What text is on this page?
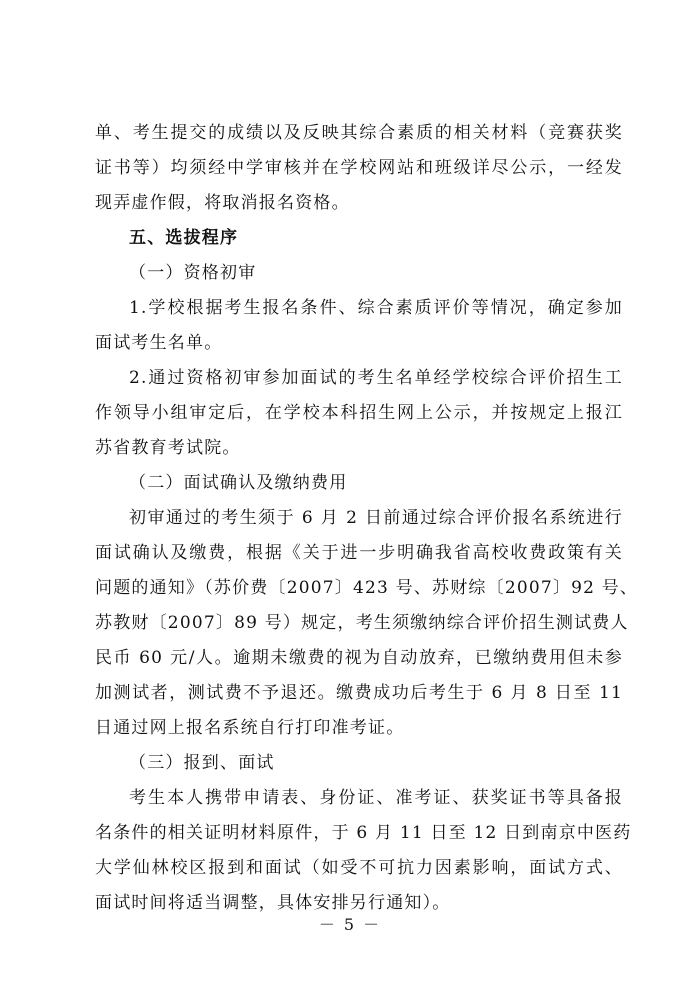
单、考生提交的成绩以及反映其综合素质的相关材料（竞赛获奖
证书等）均须经中学审核并在学校网站和班级详尽公示，一经发
现弄虚作假，将取消报名资格。
五、选拔程序
（一）资格初审
1.学校根据考生报名条件、综合素质评价等情况，确定参加
面试考生名单。
2.通过资格初审参加面试的考生名单经学校综合评价招生工
作领导小组审定后，在学校本科招生网上公示，并按规定上报江
苏省教育考试院。
（二）面试确认及缴纳费用
初审通过的考生须于 6 月 2 日前通过综合评价报名系统进行
面试确认及缴费，根据《关于进一步明确我省高校收费政策有关
问题的通知》（苏价费〔2007〕423 号、苏财综〔2007〕92 号、
苏教财〔2007〕89 号）规定，考生须缴纳综合评价招生测试费人
民币 60 元/人。逾期未缴费的视为自动放弃，已缴纳费用但未参
加测试者，测试费不予退还。缴费成功后考生于 6 月 8 日至 11
日通过网上报名系统自行打印准考证。
（三）报到、面试
考生本人携带申请表、身份证、准考证、获奖证书等具备报
名条件的相关证明材料原件，于 6 月 11 日至 12 日到南京中医药
大学仙林校区报到和面试（如受不可抗力因素影响，面试方式、
面试时间将适当调整，具体安排另行通知）。
－ 5 －
